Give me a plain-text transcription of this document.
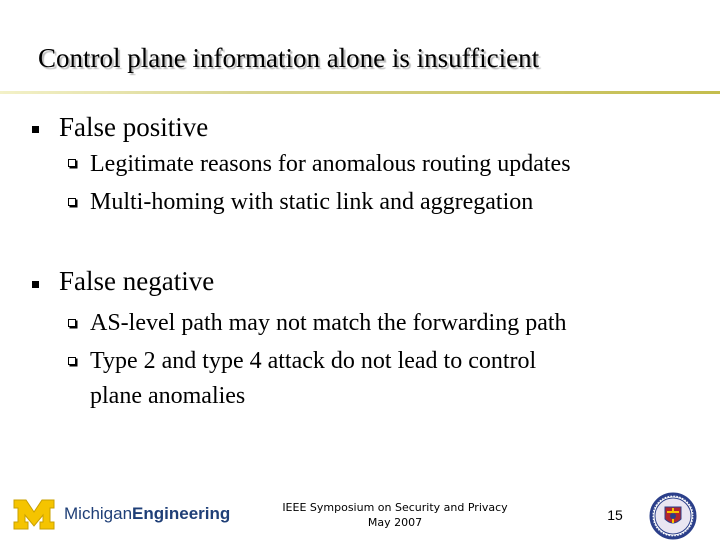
Control plane information alone is insufficient
False positive
Legitimate reasons for anomalous routing updates
Multi-homing with static link and aggregation
False negative
AS-level path may not match the forwarding path
Type 2 and type 4 attack do not lead to control
plane anomalies
MichiganEngineering	IEEE Symposium on Security and Privacy
May 2007	15
